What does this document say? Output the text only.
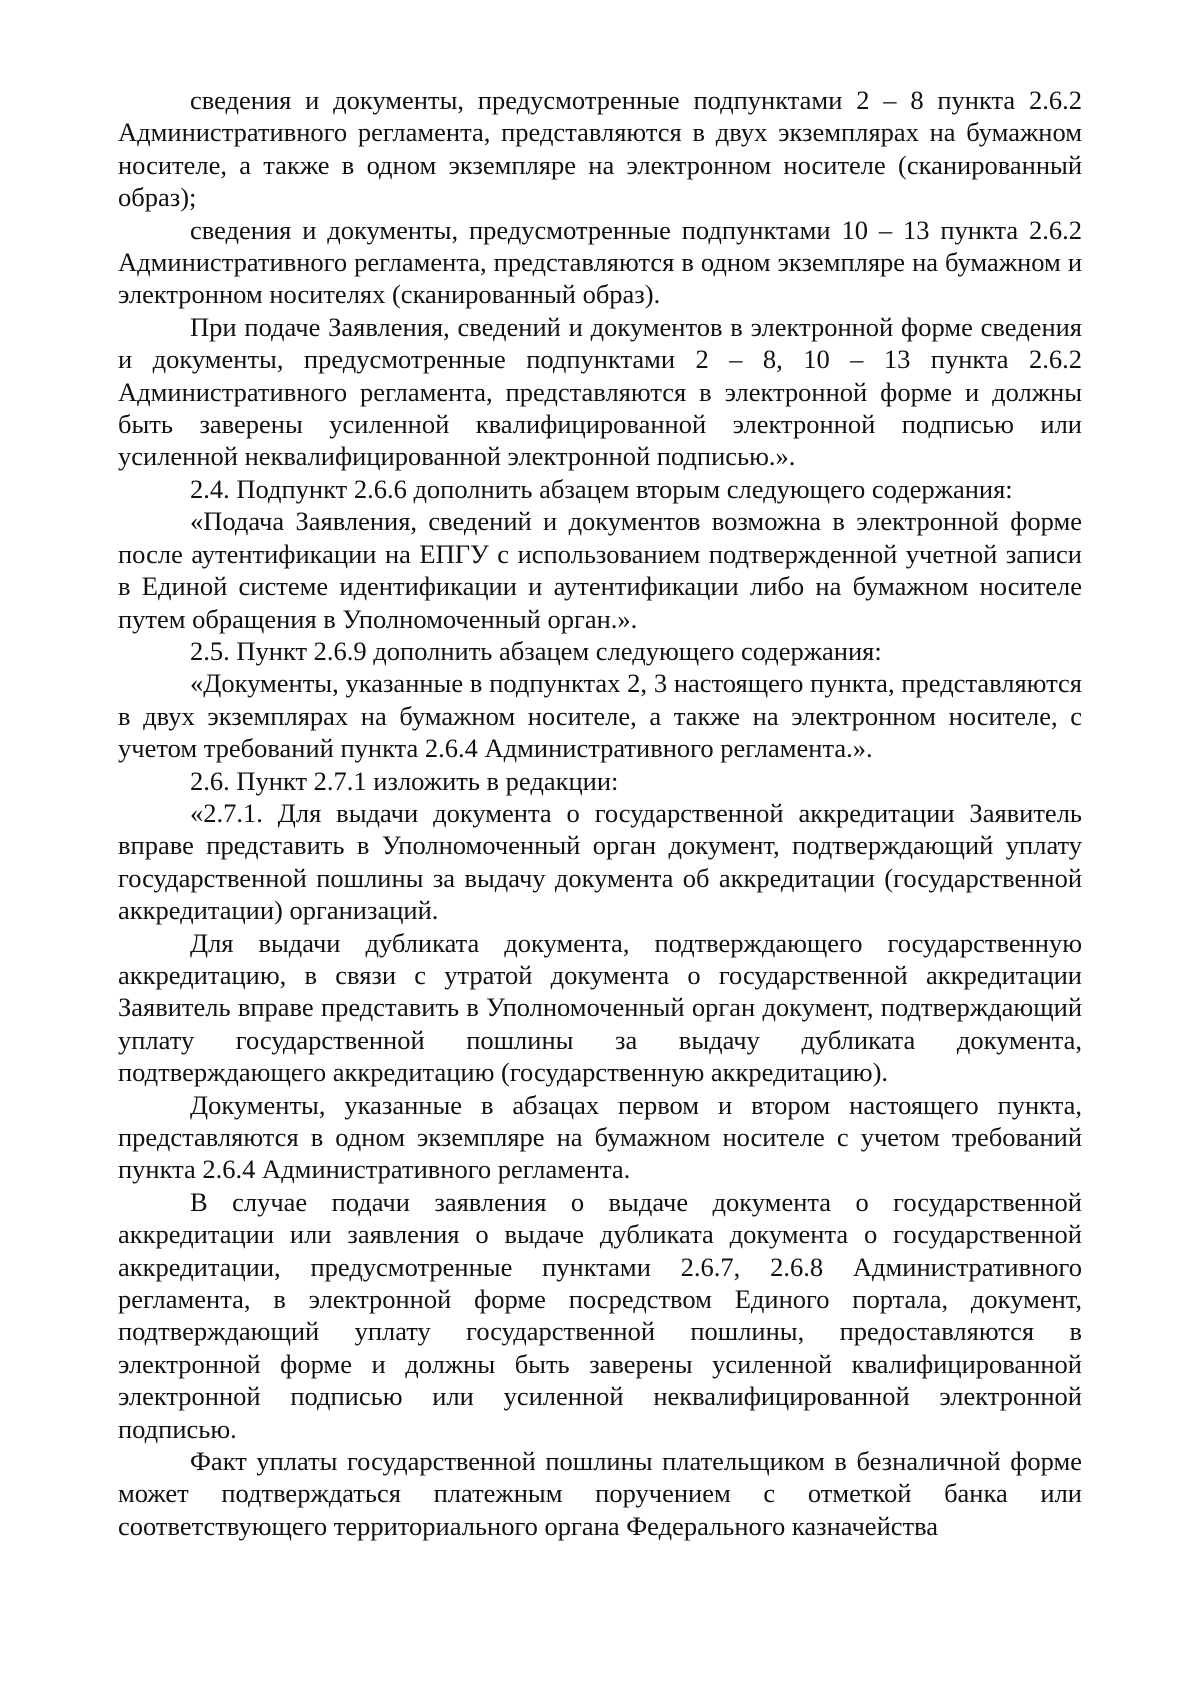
сведения и документы, предусмотренные подпунктами 2 – 8 пункта 2.6.2 Административного регламента, представляются в двух экземплярах на бумажном носителе, а также в одном экземпляре на электронном носителе (сканированный образ);

сведения и документы, предусмотренные подпунктами 10 – 13 пункта 2.6.2 Административного регламента, представляются в одном экземпляре на бумажном и электронном носителях (сканированный образ).

При подаче Заявления, сведений и документов в электронной форме сведения и документы, предусмотренные подпунктами 2 – 8, 10 – 13 пункта 2.6.2 Административного регламента, представляются в электронной форме и должны быть заверены усиленной квалифицированной электронной подписью или усиленной неквалифицированной электронной подписью.».

2.4. Подпункт 2.6.6 дополнить абзацем вторым следующего содержания:

«Подача Заявления, сведений и документов возможна в электронной форме после аутентификации на ЕПГУ с использованием подтвержденной учетной записи в Единой системе идентификации и аутентификации либо на бумажном носителе путем обращения в Уполномоченный орган.».

2.5. Пункт 2.6.9 дополнить абзацем следующего содержания:

«Документы, указанные в подпунктах 2, 3 настоящего пункта, представляются в двух экземплярах на бумажном носителе, а также на электронном носителе, с учетом требований пункта 2.6.4 Административного регламента.».

2.6. Пункт 2.7.1 изложить в редакции:

«2.7.1. Для выдачи документа о государственной аккредитации Заявитель вправе представить в Уполномоченный орган документ, подтверждающий уплату государственной пошлины за выдачу документа об аккредитации (государственной аккредитации) организаций.

Для выдачи дубликата документа, подтверждающего государственную аккредитацию, в связи с утратой документа о государственной аккредитации Заявитель вправе представить в Уполномоченный орган документ, подтверждающий уплату государственной пошлины за выдачу дубликата документа, подтверждающего аккредитацию (государственную аккредитацию).

Документы, указанные в абзацах первом и втором настоящего пункта, представляются в одном экземпляре на бумажном носителе с учетом требований пункта 2.6.4 Административного регламента.

В случае подачи заявления о выдаче документа о государственной аккредитации или заявления о выдаче дубликата документа о государственной аккредитации, предусмотренные пунктами 2.6.7, 2.6.8 Административного регламента, в электронной форме посредством Единого портала, документ, подтверждающий уплату государственной пошлины, предоставляются в электронной форме и должны быть заверены усиленной квалифицированной электронной подписью или усиленной неквалифицированной электронной подписью.

Факт уплаты государственной пошлины плательщиком в безналичной форме может подтверждаться платежным поручением с отметкой банка или соответствующего территориального органа Федерального казначейства
